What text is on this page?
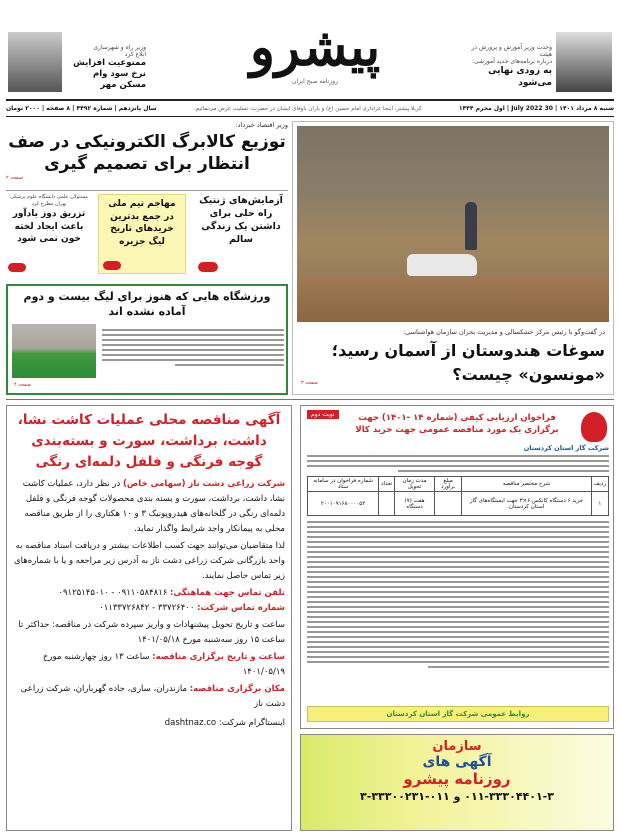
وزیر راه و شهرسازی
ابلاغ کرد
ممنوعیت افزایش نرخ سود وام مسکن مهر
پیشرو
روزنامه صبح ایران
وحدت وزیر آموزش و پرورش در هیئت
درباره برنامه‌های جدید آموزشی:
به زودی نهایی می‌شود
شنبه ۸ مرداد ۱۴۰۱ | 30 July 2022 | اول محرم ۱۴۴۴
کربلا پیشتر، اینجا عزاداری امام حسین (ع) و یاران باوفای ایشان در حضرت، تسلیت عرض می‌نمائیم.
سال پانزدهم | شماره ۴۴۹۲ | ۸ صفحه | ۲۰۰۰ تومان
در گفت‌وگو با رئیس مرکز خشکسالی و مدیریت بحران سازمان هواشناسی:
سوغات هندوستان از آسمان رسید؛
«مونسون» چیست؟
صفحه ۳
وزیر اقتصاد خبرداد:
توزیع کالابرگ الکترونیکی در صف انتظار برای تصمیم گیری
صفحه ۲
آزمایش‌های ژنتیک راه حلی برای داشتن یک زندگی سالم
مهاجم تیم ملی در جمع بدترین خریدهای تاریخ لیگ جزیره
مسئولان علمی دانشگاه علوم پزشکی تهران مطرح کرد
تزریق دوز یادآور باعث ایجاد لخته خون نمی شود
ورزشگاه هایی که هنوز برای لیگ بیست و دوم آماده نشده اند
صفحه ۴
آگهی مناقصه محلی عملیات کاشت نشا، داشت، برداشت، سورت و بسته‌بندی گوجه فرنگی و فلفل دلمه‌ای رنگی
شرکت زراعی دشت ناز (سهامی خاص) در نظر دارد، عملیات کاشت نشا، داشت، برداشت، سورت و بسته بندی محصولات گوجه فرنگی و فلفل دلمه‌ای رنگی در گلخانه‌های هیدروپونیک ۳ و ۱۰ هکتاری را از طریق مناقصه محلی به پیمانکار واجد شرایط واگذار نماید.
لذا متقاضیان می‌توانند جهت کسب اطلاعات بیشتر و دریافت اسناد مناقصه به واحد بازرگانی شرکت زراعی دشت ناز به آدرس زیر مراجعه و یا با شماره‌های زیر تماس حاصل نمایند.
تلفن تماس جهت هماهنگی: ۰۹۱۱۰۵۸۴۸۱۶ - ۰۹۱۲۵۱۴۵۰۱۰
شماره تماس شرکت: ۳۳۷۲۶۴۰۰ - ۰۱۱۳۳۷۲۶۸۴۲
ساعت و تاریخ تحویل پیشنهادات و واریز سپرده شرکت در مناقصه: حداکثر تا ساعت ۱۵ روز سه‌شنبه مورخ ۱۴۰۱/۰۵/۱۸
ساعت و تاریخ برگزاری مناقصه: ساعت ۱۳ روز چهارشنبه مورخ ۱۴۰۱/۰۵/۱۹
مکان برگزاری مناقصه: مازندران، ساری، جاده گهرباران، شرکت زراعی دشت ناز
اینستاگرام شرکت: dashtnaz.co
نوبت دوم	فراخوان ارزیابی کیفی (شماره ۱۴ -۱۴۰۱) جهت برگزاری یک مورد مناقصه عمومی جهت خرید کالا
شرکت گاز استان کردستان
ردیف	شرح مختصر مناقصه	مبلغ برآورد	مدت زمان تحویل	تعداد	شماره فراخوان در سامانه ستاد
۱	خرید ۶ دستگاه کانکس ۶×۳ جهت ایستگاه‌های گاز استان کردستان		هفت (۷) دستگاه		۲۰۰۱۰۹۱۶۸۰۰۰۰۵۲
روابط عمومی شرکت گاز استان کردستان
سازمان
آگهی های
روزنامه پیشرو
۰۱۱-۳۳۳۰۴۴۰۱-۳ و ۰۱۱-۳۳۳۰۰۲۳۱-۳
